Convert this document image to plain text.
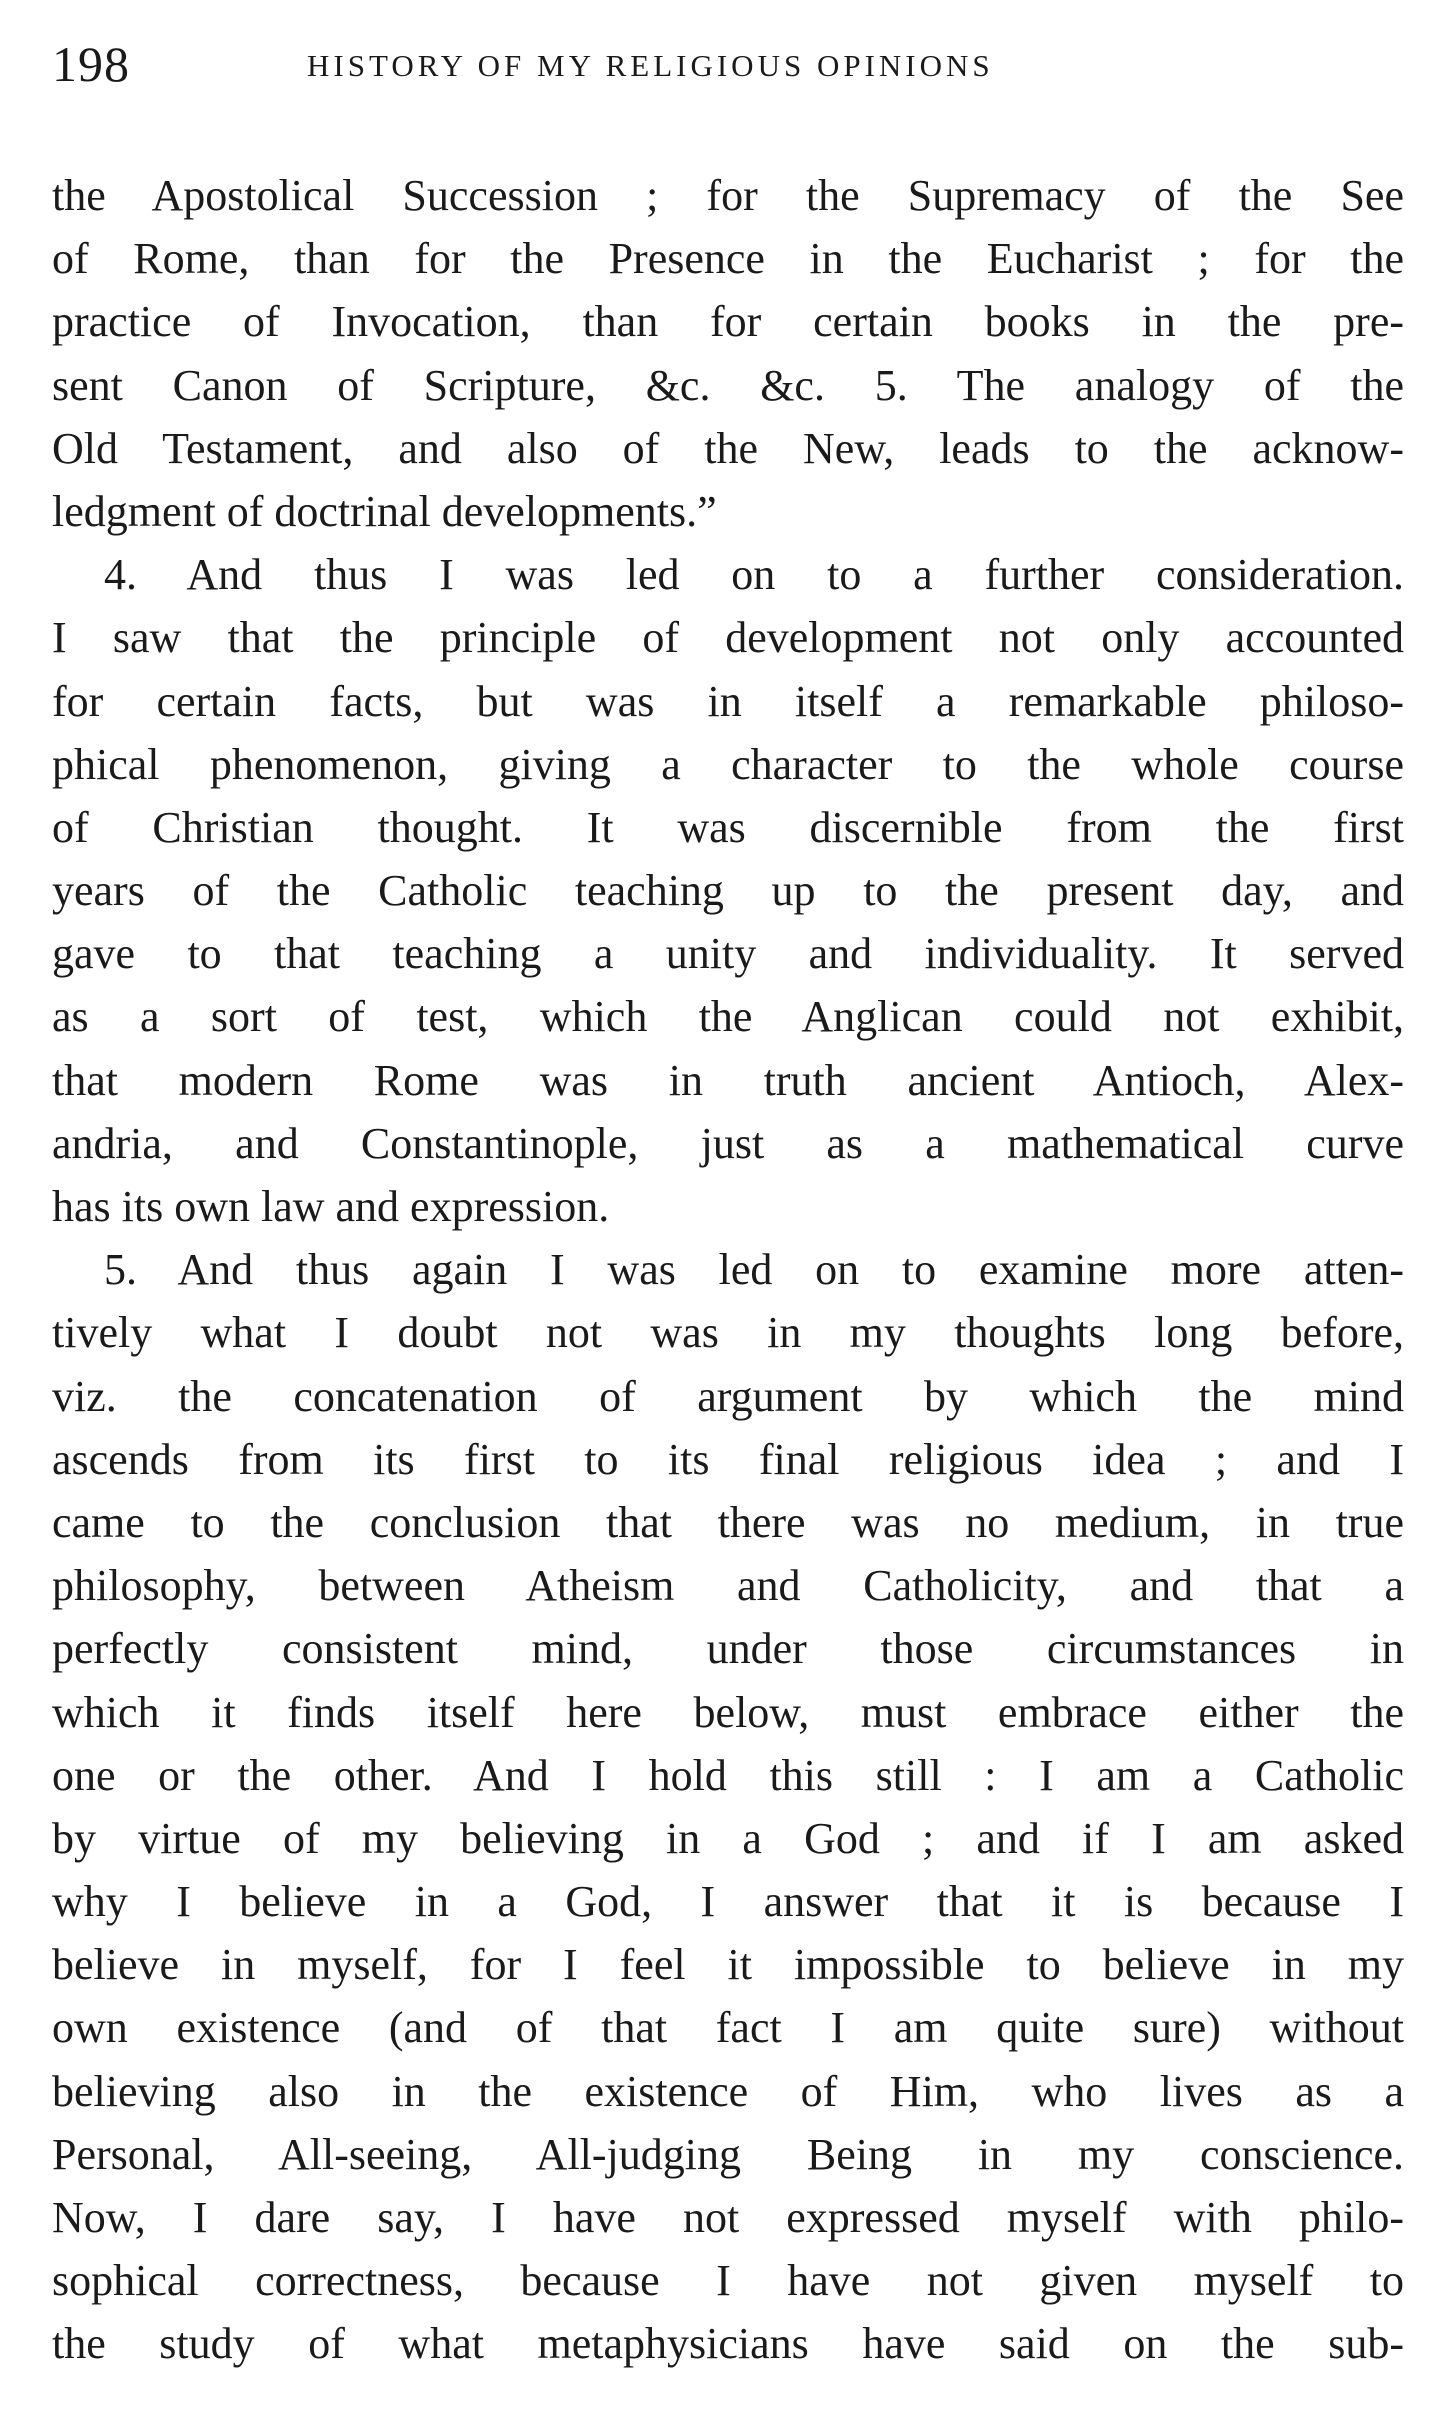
198	HISTORY OF MY RELIGIOUS OPINIONS
the Apostolical Succession ; for the Supremacy of the See
of Rome, than for the Presence in the Eucharist ; for the
practice of Invocation, than for certain books in the pre-
sent Canon of Scripture, &c. &c. 5. The analogy of the
Old Testament, and also of the New, leads to the acknow-
ledgment of doctrinal developments.”
4. And thus I was led on to a further consideration.
I saw that the principle of development not only accounted
for certain facts, but was in itself a remarkable philoso-
phical phenomenon, giving a character to the whole course
of Christian thought. It was discernible from the first
years of the Catholic teaching up to the present day, and
gave to that teaching a unity and individuality. It served
as a sort of test, which the Anglican could not exhibit,
that modern Rome was in truth ancient Antioch, Alex-
andria, and Constantinople, just as a mathematical curve
has its own law and expression.
5. And thus again I was led on to examine more atten-
tively what I doubt not was in my thoughts long before,
viz. the concatenation of argument by which the mind
ascends from its first to its final religious idea ; and I
came to the conclusion that there was no medium, in true
philosophy, between Atheism and Catholicity, and that a
perfectly consistent mind, under those circumstances in
which it finds itself here below, must embrace either the
one or the other. And I hold this still : I am a Catholic
by virtue of my believing in a God ; and if I am asked
why I believe in a God, I answer that it is because I
believe in myself, for I feel it impossible to believe in my
own existence (and of that fact I am quite sure) without
believing also in the existence of Him, who lives as a
Personal, All-seeing, All-judging Being in my conscience.
Now, I dare say, I have not expressed myself with philo-
sophical correctness, because I have not given myself to
the study of what metaphysicians have said on the sub-
